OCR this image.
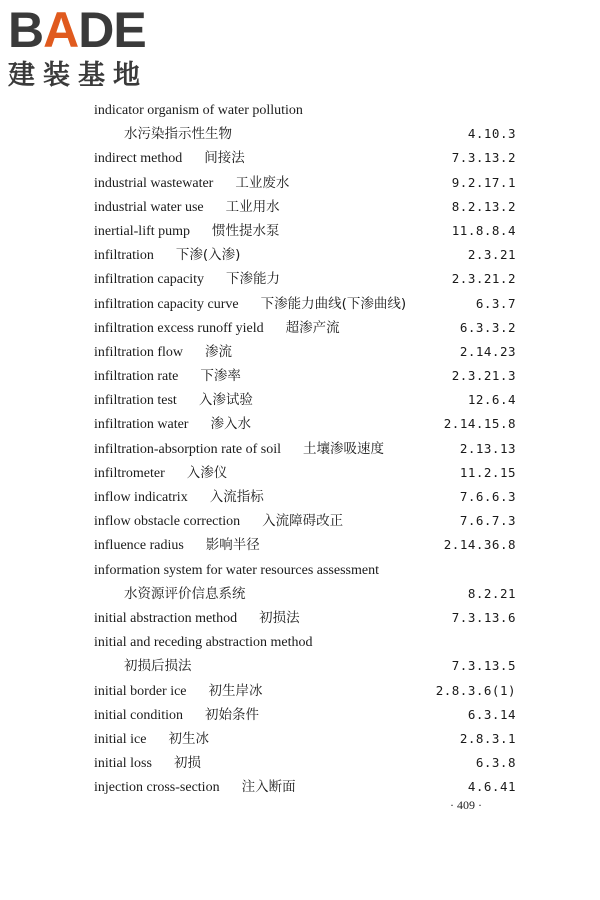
BADE
建装基地
indicator organism of water pollution
水污染指示性生物	4.10.3
indirect method 间接法	7.3.13.2
industrial wastewater 工业废水	9.2.17.1
industrial water use 工业用水	8.2.13.2
inertial-lift pump 惯性提水泵	11.8.8.4
infiltration 下渗(入渗)	2.3.21
infiltration capacity 下渗能力	2.3.21.2
infiltration capacity curve 下渗能力曲线(下渗曲线)	6.3.7
infiltration excess runoff yield 超渗产流	6.3.3.2
infiltration flow 渗流	2.14.23
infiltration rate 下渗率	2.3.21.3
infiltration test 入渗试验	12.6.4
infiltration water 渗入水	2.14.15.8
infiltration-absorption rate of soil 土壤渗吸速度	2.13.13
infiltrometer 入渗仪	11.2.15
inflow indicatrix 入流指标	7.6.6.3
inflow obstacle correction 入流障碍改正	7.6.7.3
influence radius 影响半径	2.14.36.8
information system for water resources assessment
水资源评价信息系统	8.2.21
initial abstraction method 初损法	7.3.13.6
initial and receding abstraction method
初损后损法	7.3.13.5
initial border ice 初生岸冰	2.8.3.6(1)
initial condition 初始条件	6.3.14
initial ice 初生冰	2.8.3.1
initial loss 初损	6.3.8
injection cross-section 注入断面	4.6.41
· 409 ·
